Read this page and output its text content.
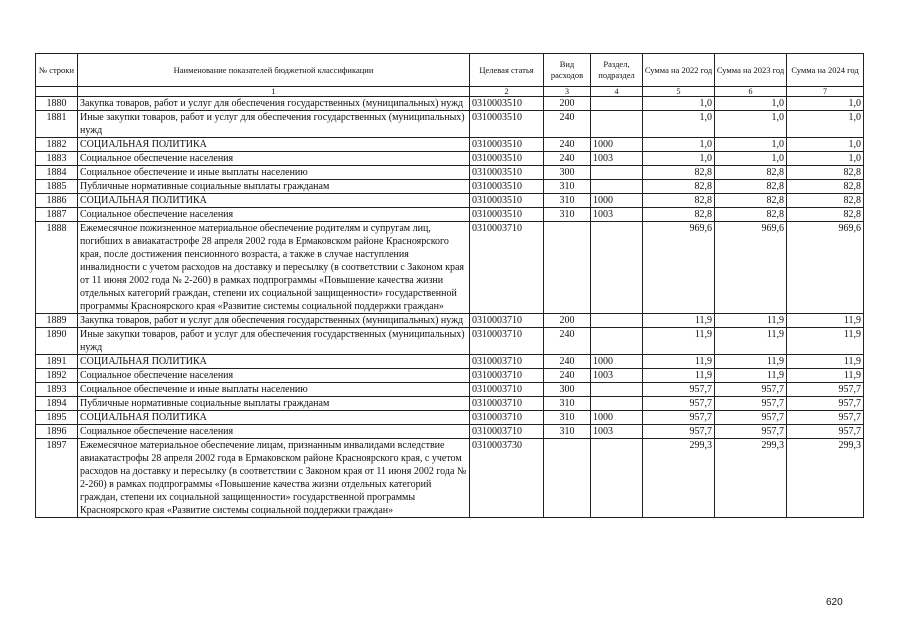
№ строки	Наименование показателей бюджетной классификации	Целевая статья	Вид расходов	Раздел, подраздел	Сумма на 2022 год	Сумма на 2023 год	Сумма на 2024 год
	1	2	3	4	5	6	7
1880	Закупка товаров, работ и услуг для обеспечения государственных (муниципальных) нужд	0310003510	200		1,0	1,0	1,0
1881	Иные закупки товаров, работ и услуг для обеспечения государственных (муниципальных) нужд	0310003510	240		1,0	1,0	1,0
1882	СОЦИАЛЬНАЯ ПОЛИТИКА	0310003510	240	1000	1,0	1,0	1,0
1883	Социальное обеспечение населения	0310003510	240	1003	1,0	1,0	1,0
1884	Социальное обеспечение и иные выплаты населению	0310003510	300		82,8	82,8	82,8
1885	Публичные нормативные социальные выплаты гражданам	0310003510	310		82,8	82,8	82,8
1886	СОЦИАЛЬНАЯ ПОЛИТИКА	0310003510	310	1000	82,8	82,8	82,8
1887	Социальное обеспечение населения	0310003510	310	1003	82,8	82,8	82,8
1888	Ежемесячное пожизненное материальное обеспечение родителям и супругам лиц, погибших в авиакатастрофе 28 апреля 2002 года в Ермаковском районе Красноярского края, после достижения пенсионного возраста, а также в случае наступления инвалидности с учетом расходов на доставку и пересылку (в соответствии с Законом края от 11 июня 2002 года № 2-260) в рамках подпрограммы «Повышение качества жизни отдельных категорий граждан, степени их социальной защищенности» государственной программы Красноярского края «Развитие системы социальной поддержки граждан»	0310003710			969,6	969,6	969,6
1889	Закупка товаров, работ и услуг для обеспечения государственных (муниципальных) нужд	0310003710	200		11,9	11,9	11,9
1890	Иные закупки товаров, работ и услуг для обеспечения государственных (муниципальных) нужд	0310003710	240		11,9	11,9	11,9
1891	СОЦИАЛЬНАЯ ПОЛИТИКА	0310003710	240	1000	11,9	11,9	11,9
1892	Социальное обеспечение населения	0310003710	240	1003	11,9	11,9	11,9
1893	Социальное обеспечение и иные выплаты населению	0310003710	300		957,7	957,7	957,7
1894	Публичные нормативные социальные выплаты гражданам	0310003710	310		957,7	957,7	957,7
1895	СОЦИАЛЬНАЯ ПОЛИТИКА	0310003710	310	1000	957,7	957,7	957,7
1896	Социальное обеспечение населения	0310003710	310	1003	957,7	957,7	957,7
1897	Ежемесячное материальное обеспечение лицам, признанным инвалидами вследствие авиакатастрофы 28 апреля 2002 года в Ермаковском районе Красноярского края, с учетом расходов на доставку и пересылку (в соответствии с Законом края от 11 июня 2002 года № 2-260) в рамках подпрограммы «Повышение качества жизни отдельных категорий граждан, степени их социальной защищенности» государственной программы Красноярского края «Развитие системы социальной поддержки граждан»	0310003730			299,3	299,3	299,3
620
